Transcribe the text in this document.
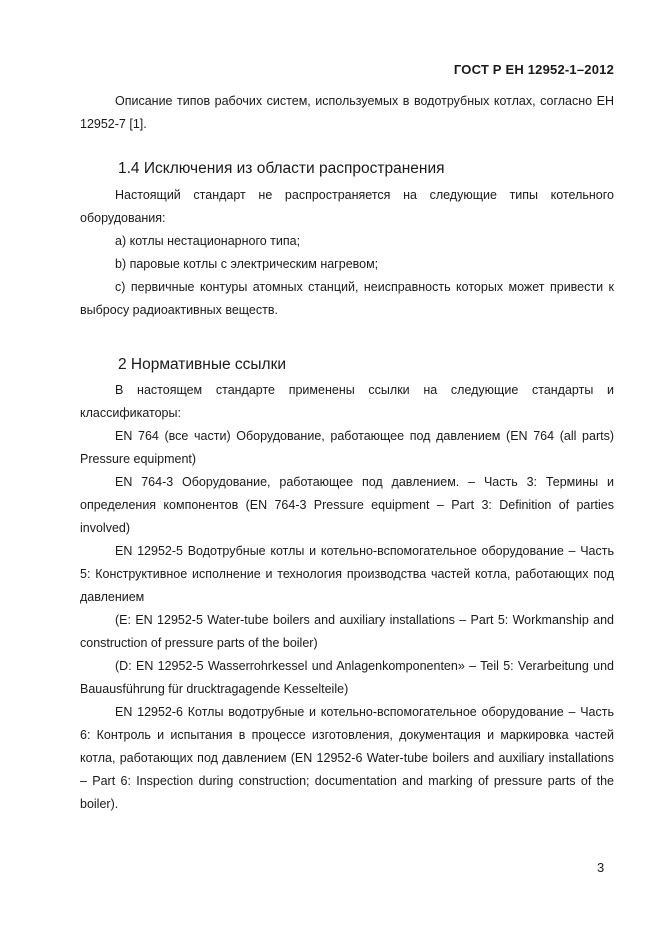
ГОСТ Р ЕН 12952-1–2012

Описание типов рабочих систем, используемых в водотрубных котлах, согласно ЕН 12952-7 [1].

1.4 Исключения из области распространения

Настоящий стандарт не распространяется на следующие типы котельного оборудования:

а) котлы нестационарного типа;

b) паровые котлы с электрическим нагревом;

с) первичные контуры атомных станций, неисправность которых может привести к выбросу радиоактивных веществ.

2 Нормативные ссылки

В настоящем стандарте применены ссылки на следующие стандарты и классификаторы:

EN 764 (все части) Оборудование, работающее под давлением (EN 764 (all parts) Pressure equipment)

EN 764-3 Оборудование, работающее под давлением. – Часть 3: Термины и определения компонентов (EN 764-3 Pressure equipment – Part 3: Definition of parties involved)

EN 12952-5 Водотрубные котлы и котельно-вспомогательное оборудование – Часть 5: Конструктивное исполнение и технология производства частей котла, работающих под давлением

(E: EN 12952-5 Water-tube boilers and auxiliary installations – Part 5: Workmanship and construction of pressure parts of the boiler)

(D: EN 12952-5 Wasserrohrkessel und Anlagenkomponenten» – Teil 5: Verarbeitung und Bauausführung für drucktragagende Kesselteile)

EN 12952-6 Котлы водотрубные и котельно-вспомогательное оборудование – Часть 6: Контроль и испытания в процессе изготовления, документация и маркировка частей котла, работающих под давлением (EN 12952-6 Water-tube boilers and auxiliary installations – Part 6: Inspection during construction; documentation and marking of pressure parts of the boiler).

3
